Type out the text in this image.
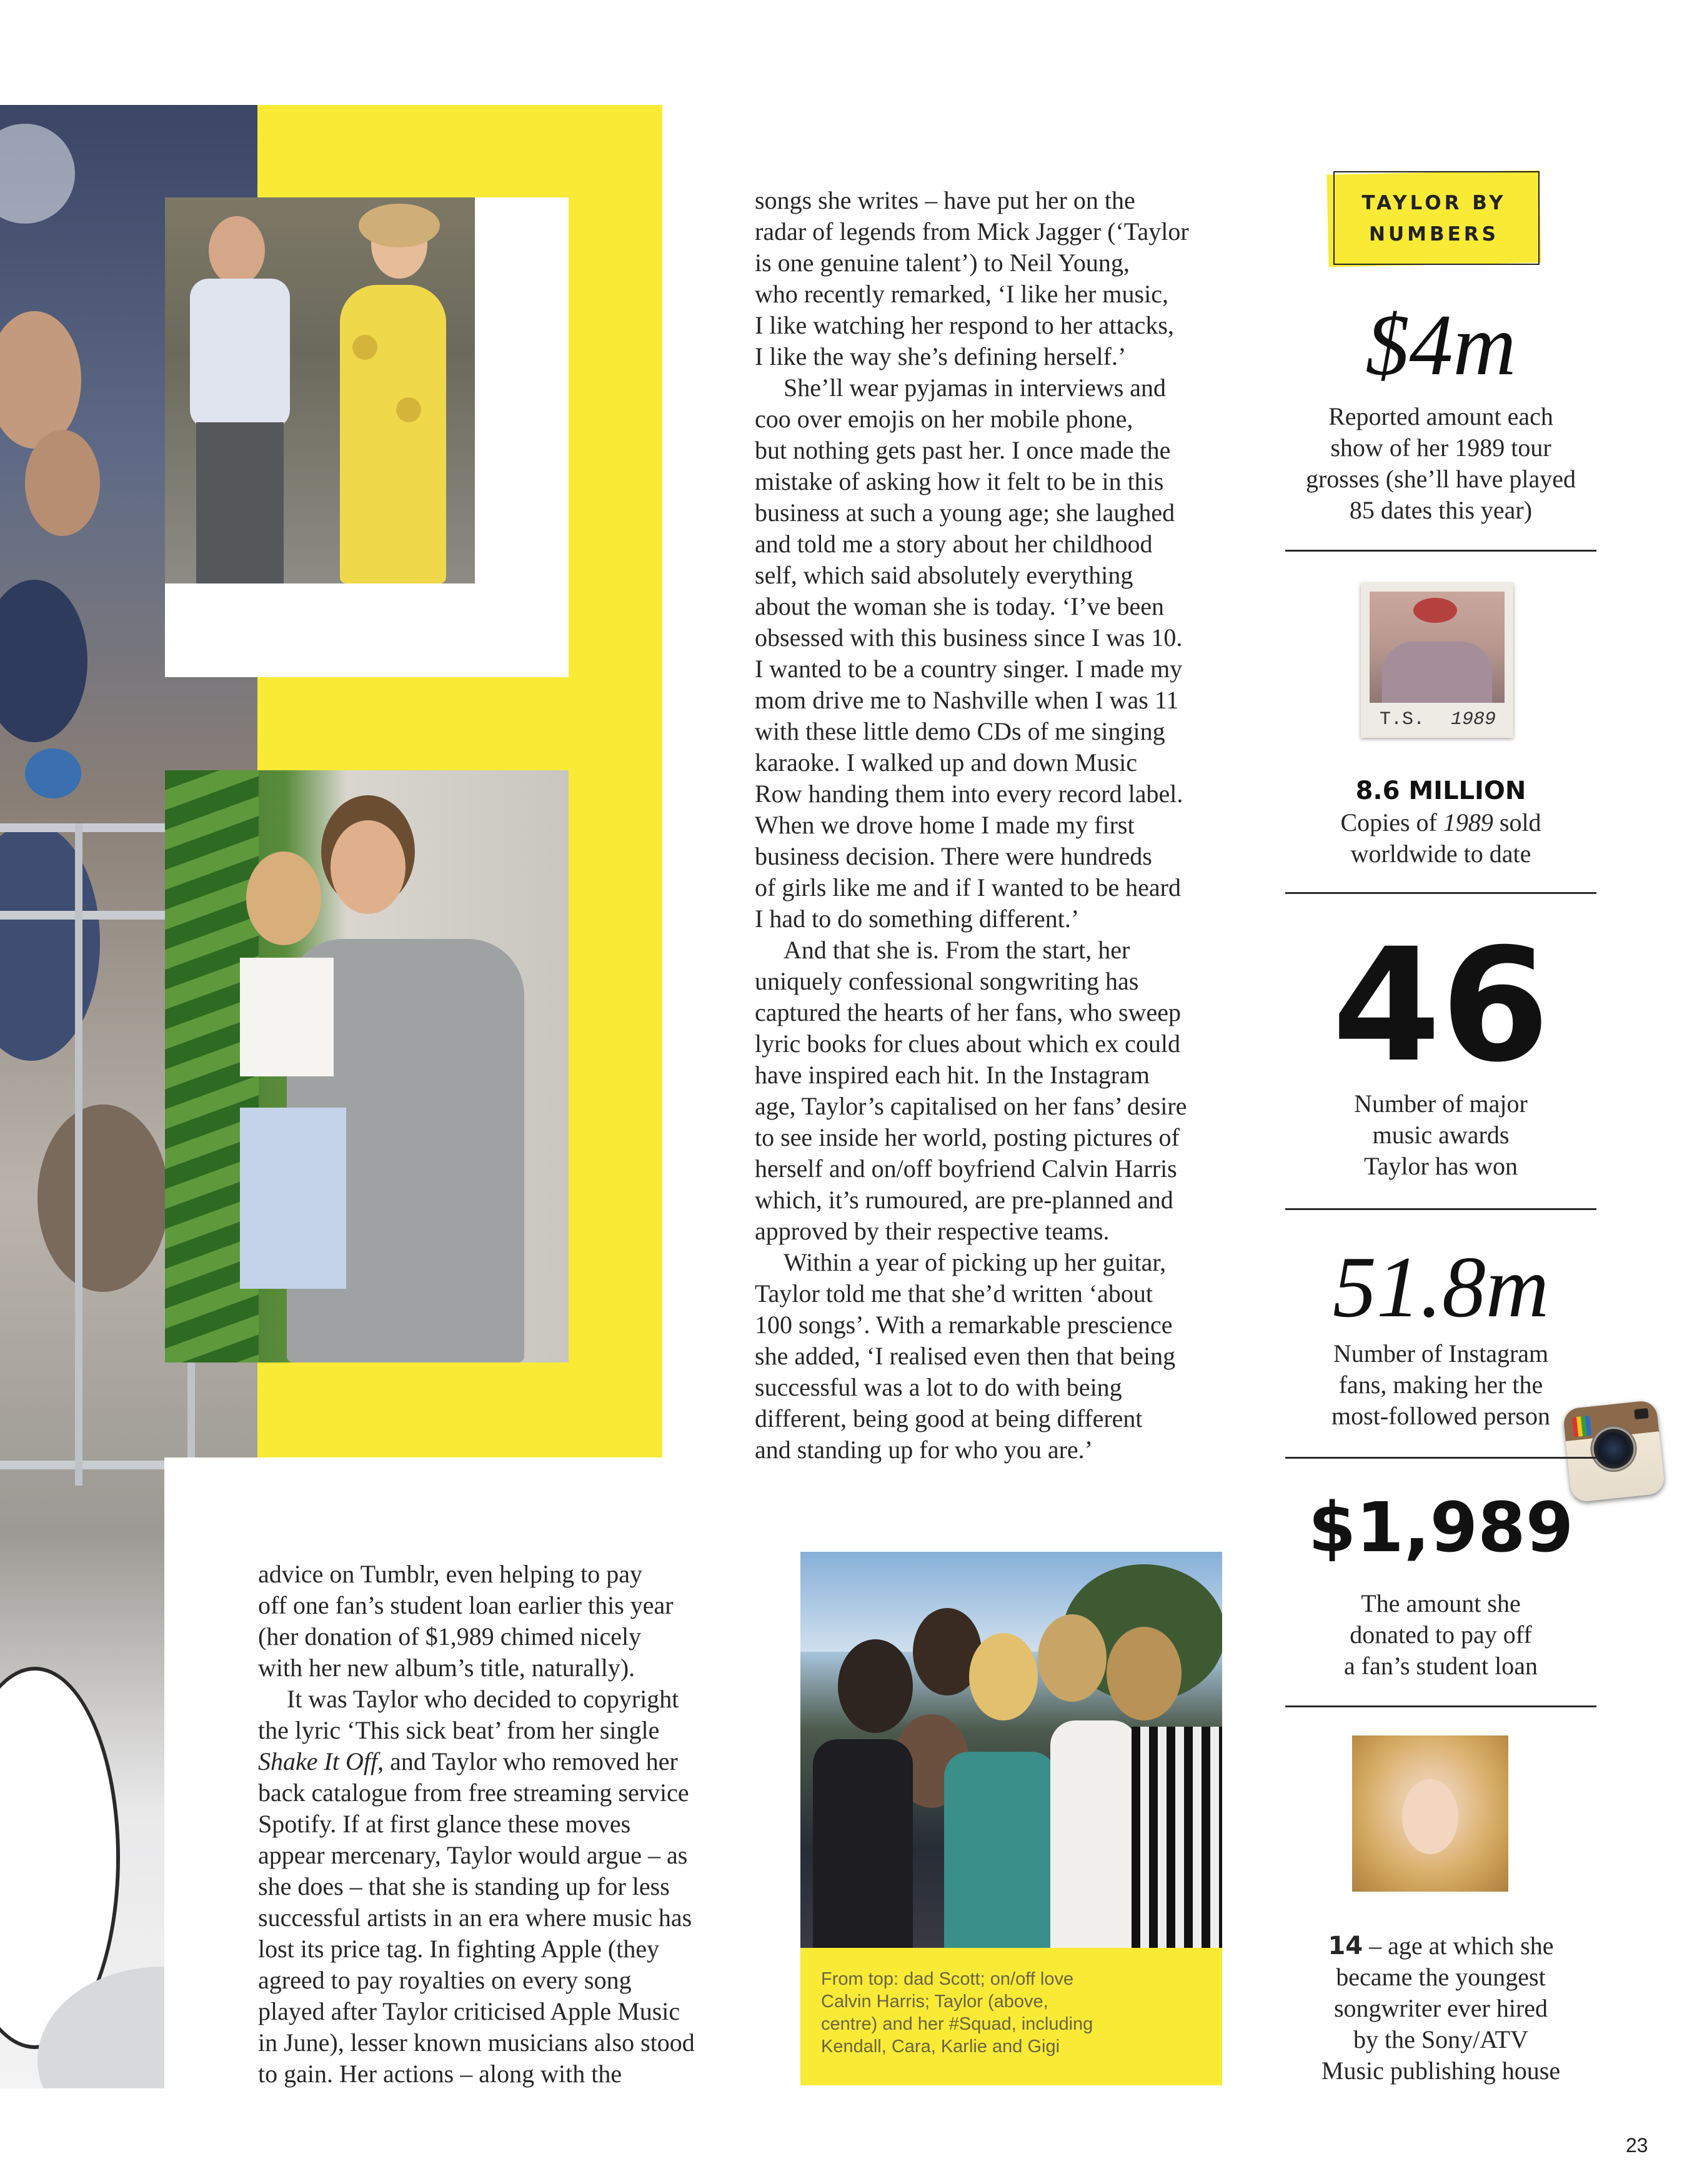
From top: dad Scott; on/off love
Calvin Harris; Taylor (above,
centre) and her #Squad, including
Kendall, Cara, Karlie and Gigi
songs she writes – have put her on the
radar of legends from Mick Jagger (‘Taylor
is one genuine talent’) to Neil Young,
who recently remarked, ‘I like her music,
I like watching her respond to her attacks,
I like the way she’s defining herself.’
She’ll wear pyjamas in interviews and
coo over emojis on her mobile phone,
but nothing gets past her. I once made the
mistake of asking how it felt to be in this
business at such a young age; she laughed
and told me a story about her childhood
self, which said absolutely everything
about the woman she is today. ‘I’ve been
obsessed with this business since I was 10.
I wanted to be a country singer. I made my
mom drive me to Nashville when I was 11
with these little demo CDs of me singing
karaoke. I walked up and down Music
Row handing them into every record label.
When we drove home I made my first
business decision. There were hundreds
of girls like me and if I wanted to be heard
I had to do something different.’
And that she is. From the start, her
uniquely confessional songwriting has
captured the hearts of her fans, who sweep
lyric books for clues about which ex could
have inspired each hit. In the Instagram
age, Taylor’s capitalised on her fans’ desire
to see inside her world, posting pictures of
herself and on/off boyfriend Calvin Harris
which, it’s rumoured, are pre-planned and
approved by their respective teams.
Within a year of picking up her guitar,
Taylor told me that she’d written ‘about
100 songs’. With a remarkable prescience
she added, ‘I realised even then that being
successful was a lot to do with being
different, being good at being different
and standing up for who you are.’
advice on Tumblr, even helping to pay
off one fan’s student loan earlier this year
(her donation of $1,989 chimed nicely
with her new album’s title, naturally).
It was Taylor who decided to copyright
the lyric ‘This sick beat’ from her single
Shake It Off, and Taylor who removed her
back catalogue from free streaming service
Spotify. If at first glance these moves
appear mercenary, Taylor would argue – as
she does – that she is standing up for less
successful artists in an era where music has
lost its price tag. In fighting Apple (they
agreed to pay royalties on every song
played after Taylor criticised Apple Music
in June), lesser known musicians also stood
to gain. Her actions – along with the
TAYLOR BY
NUMBERS
$4m
Reported amount each
show of her 1989 tour
grosses (she’ll have played
85 dates this year)
T.S. 1989
8.6 MILLION
Copies of 1989 sold
worldwide to date
46
Number of major
music awards
Taylor has won
51.8m
Number of Instagram
fans, making her the
most-followed person
$1,989
The amount she
donated to pay off
a fan’s student loan
14 – age at which she
became the youngest
songwriter ever hired
by the Sony/ATV
Music publishing house
23
